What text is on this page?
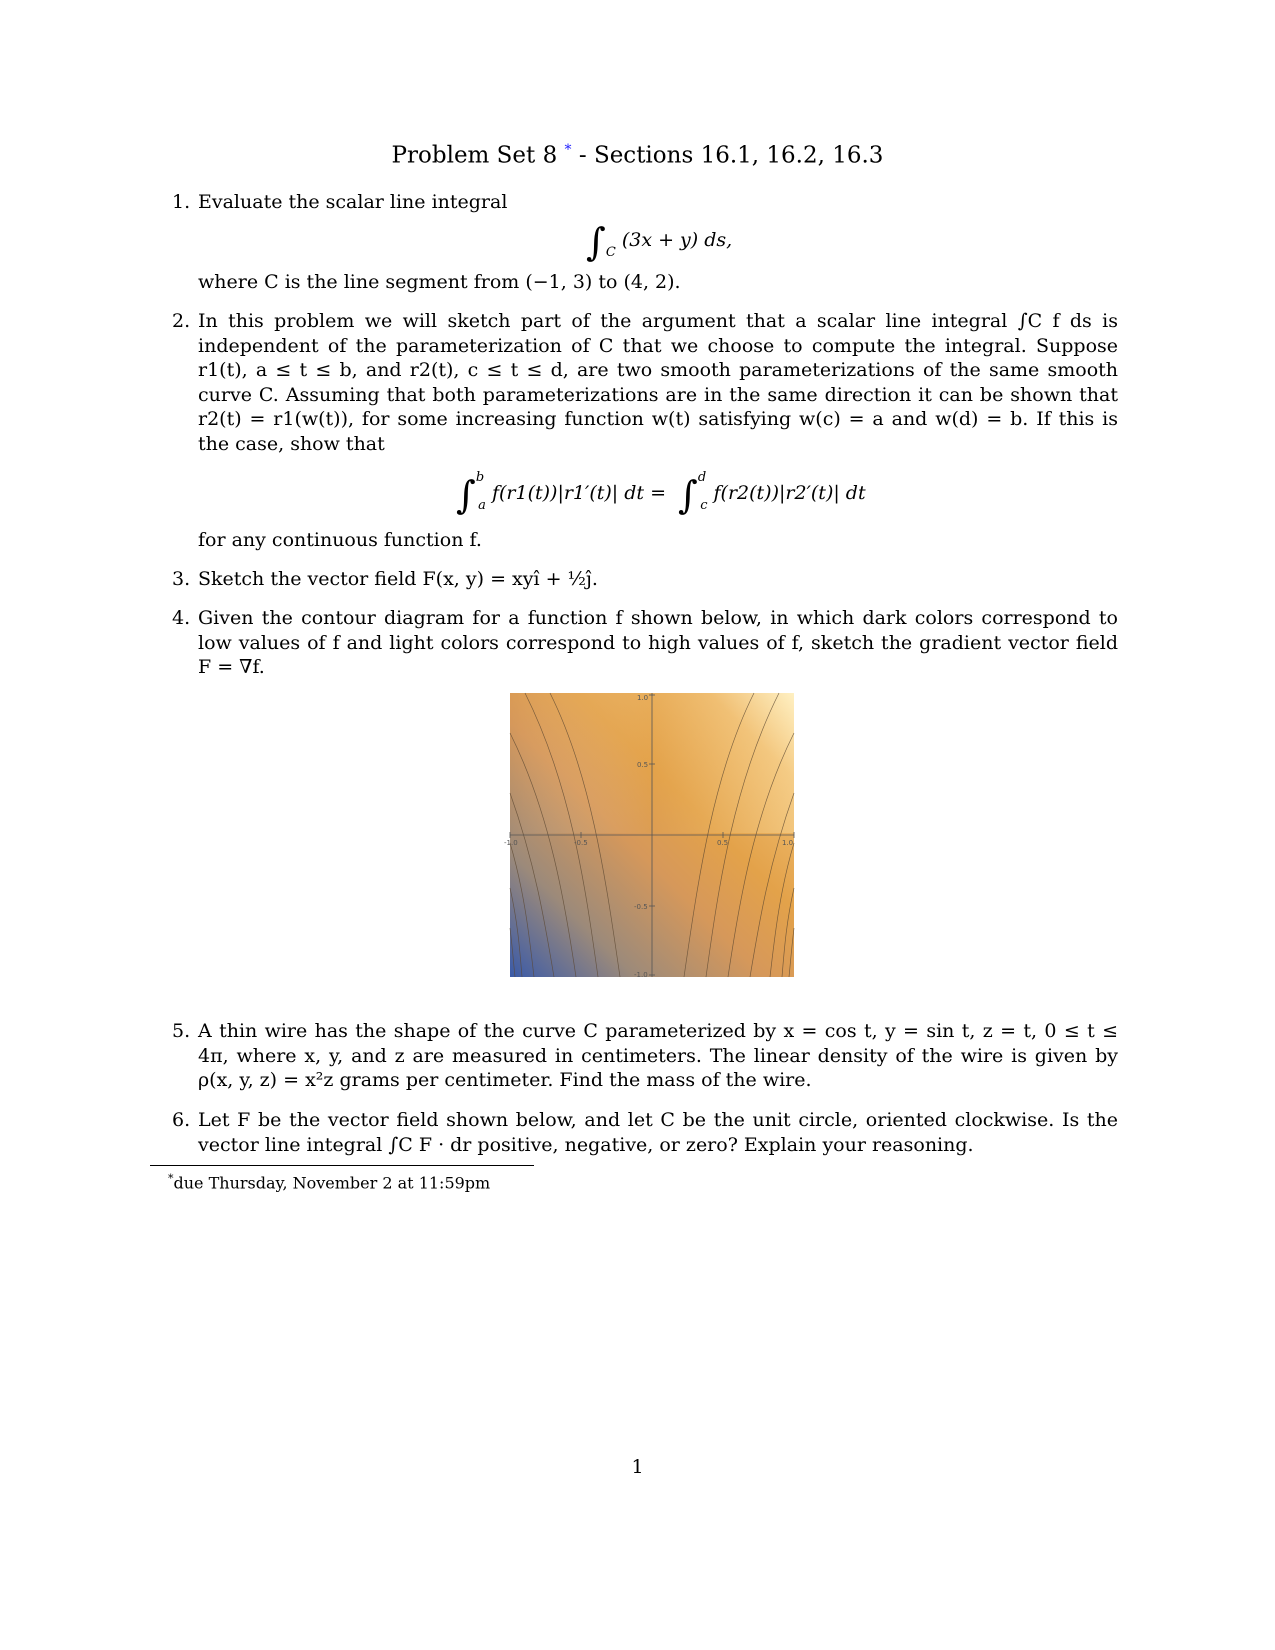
Problem Set 8 * - Sections 16.1, 16.2, 16.3
1. Evaluate the scalar line integral
$\int_C$ (3x + y) ds,
where C is the line segment from (−1, 3) to (4, 2).
2. In this problem we will sketch part of the argument that a scalar line integral ∫C f ds is independent of the parameterization of C that we choose to compute the integral. Suppose r1(t), a ≤ t ≤ b, and r2(t), c ≤ t ≤ d, are two smooth parameterizations of the same smooth curve C. Assuming that both parameterizations are in the same direction it can be shown that r2(t) = r1(w(t)), for some increasing function w(t) satisfying w(c) = a and w(d) = b. If this is the case, show that
∫$^b_a$ f(r1(t))|r1′(t)| dt = ∫$^d_c$ f(r2(t))|r2′(t)| dt
for any continuous function f.
3. Sketch the vector field F(x, y) = xyî + ½ĵ.
4. Given the contour diagram for a function f shown below, in which dark colors correspond to low values of f and light colors correspond to high values of f, sketch the gradient vector field F = ∇f.
-1.0	-0.5	0.5	1.0
1.0
0.5
-0.5
-1.0
5. A thin wire has the shape of the curve C parameterized by x = cos t, y = sin t, z = t, 0 ≤ t ≤ 4π, where x, y, and z are measured in centimeters. The linear density of the wire is given by ρ(x, y, z) = x²z grams per centimeter. Find the mass of the wire.
6. Let F be the vector field shown below, and let C be the unit circle, oriented clockwise. Is the vector line integral ∫C F · dr positive, negative, or zero? Explain your reasoning.
*due Thursday, November 2 at 11:59pm
1
